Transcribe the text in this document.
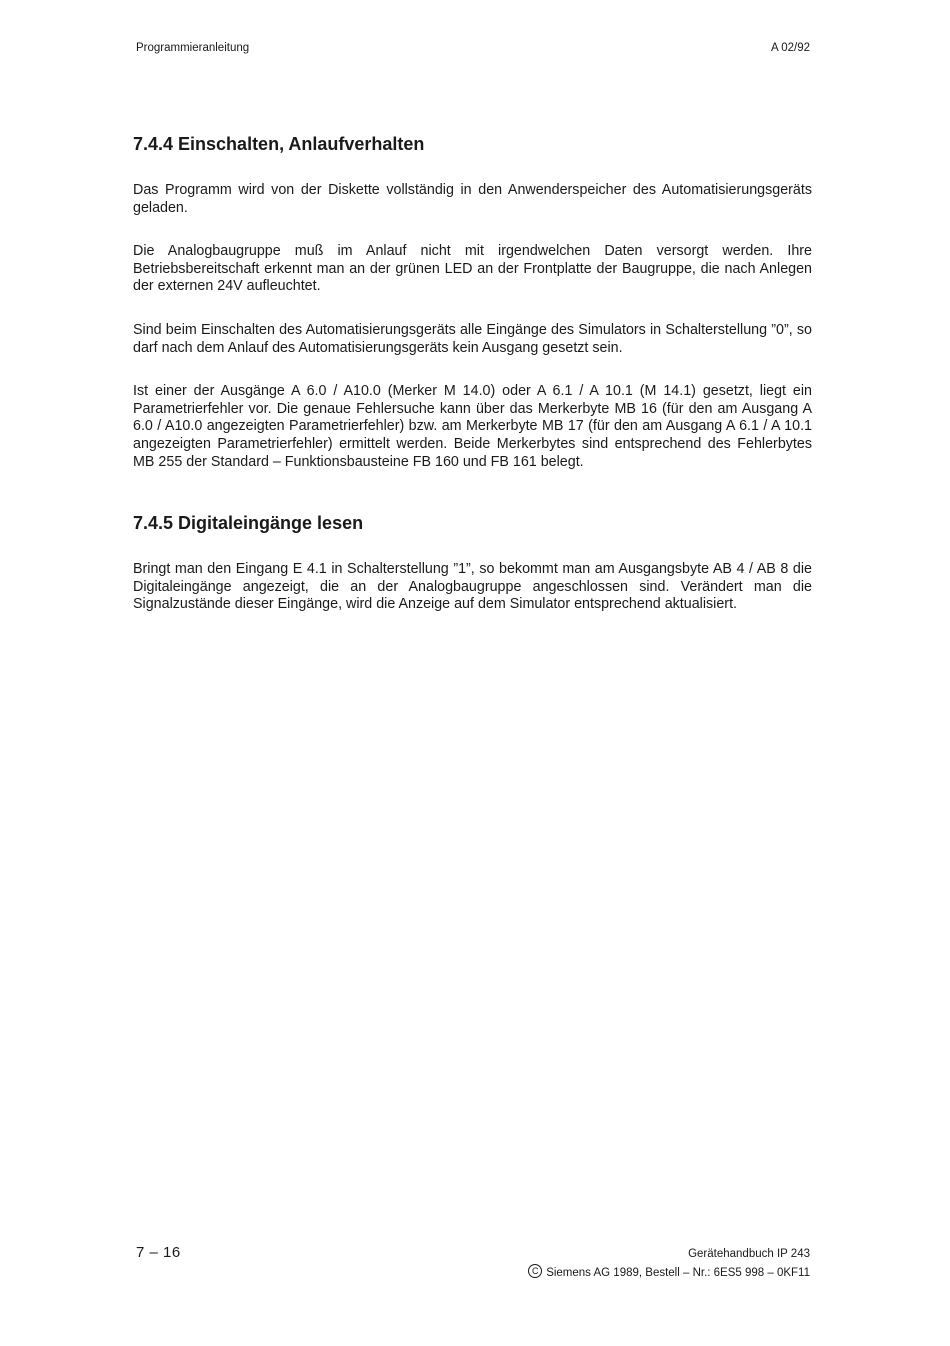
Programmieranleitung	A 02/92
7.4.4 Einschalten, Anlaufverhalten

Das Programm wird von der Diskette vollständig in den Anwenderspeicher des Automatisierungsgeräts geladen.

Die Analogbaugruppe muß im Anlauf nicht mit irgendwelchen Daten versorgt werden. Ihre Betriebsbereitschaft erkennt man an der grünen LED an der Frontplatte der Baugruppe, die nach Anlegen der externen 24V aufleuchtet.

Sind beim Einschalten des Automatisierungsgeräts alle Eingänge des Simulators in Schalterstellung ”0”, so darf nach dem Anlauf des Automatisierungsgeräts kein Ausgang gesetzt sein.

Ist einer der Ausgänge A 6.0 / A10.0 (Merker M 14.0) oder A 6.1 / A 10.1 (M 14.1) gesetzt, liegt ein Parametrierfehler vor. Die genaue Fehlersuche kann über das Merkerbyte MB 16 (für den am Ausgang A 6.0 / A10.0 angezeigten Parametrierfehler) bzw. am Merkerbyte MB 17 (für den am Ausgang A 6.1 / A 10.1 angezeigten Parametrierfehler) ermittelt werden. Beide Merkerbytes sind entsprechend des Fehlerbytes MB 255 der Standard – Funktionsbausteine FB 160 und FB 161 belegt.

7.4.5 Digitaleingänge lesen

Bringt man den Eingang E 4.1 in Schalterstellung ”1”, so bekommt man am Ausgangsbyte AB 4 / AB 8 die Digitaleingänge angezeigt, die an der Analogbaugruppe angeschlossen sind. Verändert man die Signalzustände dieser Eingänge, wird die Anzeige auf dem Simulator entsprechend aktualisiert.

7 – 16	Gerätehandbuch IP 243
C Siemens AG 1989, Bestell – Nr.: 6ES5 998 – 0KF11
